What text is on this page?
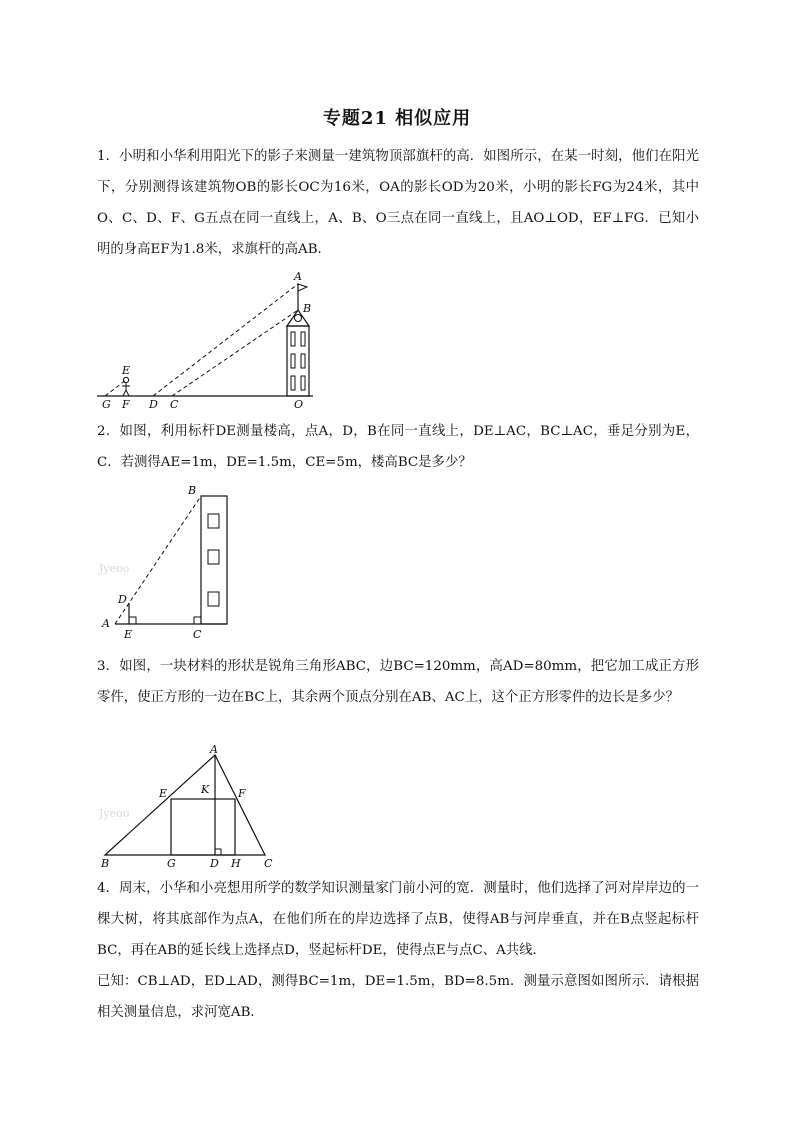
专题21 相似应用
1．小明和小华利用阳光下的影子来测量一建筑物顶部旗杆的高．如图所示，在某一时刻，他们在阳光下，分别测得该建筑物OB的影长OC为16米，OA的影长OD为20米，小明的影长FG为24米，其中O、C、D、F、G五点在同一直线上，A、B、O三点在同一直线上，且AO⊥OD，EF⊥FG．已知小明的身高EF为1.8米，求旗杆的高AB．
A
B
E
G F D C	O
2．如图，利用标杆DE测量楼高，点A，D，B在同一直线上，DE⊥AC，BC⊥AC，垂足分别为E，C．若测得AE=1m，DE=1.5m，CE=5m，楼高BC是多少？
Jyeoo
B
D
A
E	C
3．如图，一块材料的形状是锐角三角形ABC，边BC=120mm，高AD=80mm，把它加工成正方形零件，使正方形的一边在BC上，其余两个顶点分别在AB、AC上，这个正方形零件的边长是多少？
Jyeoo
A
E	K	F
B	G	D H C
4．周末，小华和小亮想用所学的数学知识测量家门前小河的宽．测量时，他们选择了河对岸岸边的一棵大树，将其底部作为点A，在他们所在的岸边选择了点B，使得AB与河岸垂直，并在B点竖起标杆BC，再在AB的延长线上选择点D，竖起标杆DE，使得点E与点C、A共线．
已知：CB⊥AD，ED⊥AD，测得BC=1m，DE=1.5m，BD=8.5m．测量示意图如图所示．请根据相关测量信息，求河宽AB．
